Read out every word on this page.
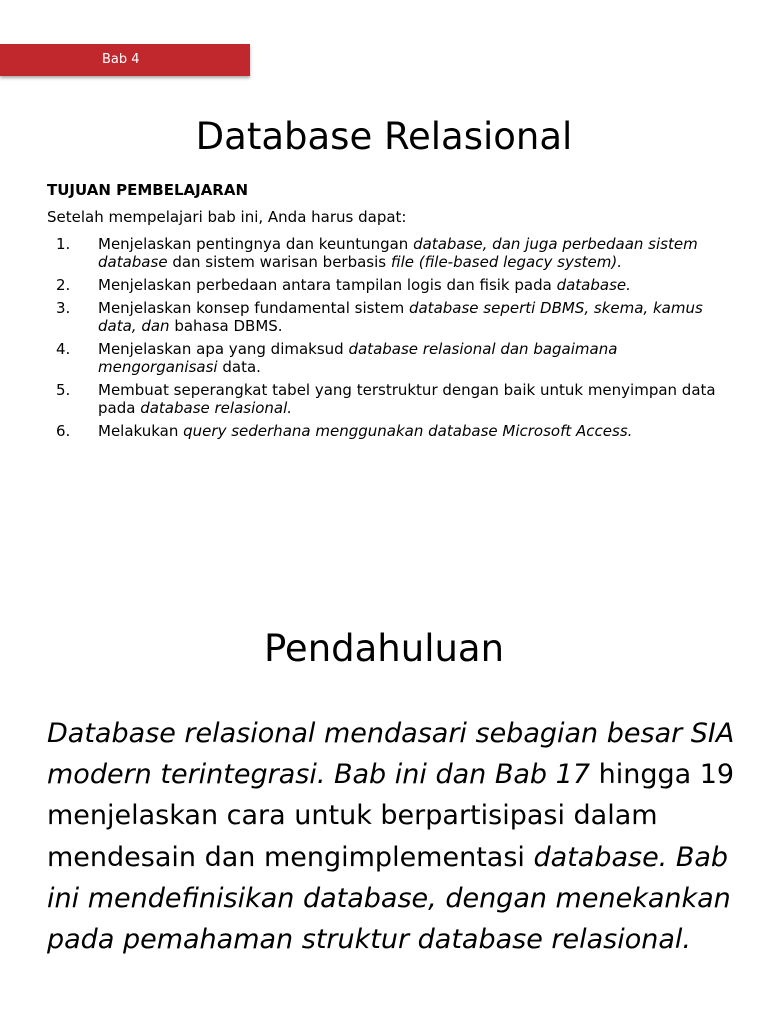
Bab 4
Database Relasional

TUJUAN PEMBELAJARAN

Setelah mempelajari bab ini, Anda harus dapat:

1. Menjelaskan pentingnya dan keuntungan database, dan juga perbedaan sistem database dan sistem warisan berbasis file (file-based legacy system).
2. Menjelaskan perbedaan antara tampilan logis dan fisik pada database.
3. Menjelaskan konsep fundamental sistem database seperti DBMS, skema, kamus data, dan bahasa DBMS.
4. Menjelaskan apa yang dimaksud database relasional dan bagaimana mengorganisasi data.
5. Membuat seperangkat tabel yang terstruktur dengan baik untuk menyimpan data pada database relasional.
6. Melakukan query sederhana menggunakan database Microsoft Access.
Pendahuluan

Database relasional mendasari sebagian besar SIA modern terintegrasi. Bab ini dan Bab 17 hingga 19 menjelaskan cara untuk berpartisipasi dalam mendesain dan mengimplementasi database. Bab ini mendefinisikan database, dengan menekankan pada pemahaman struktur database relasional.
